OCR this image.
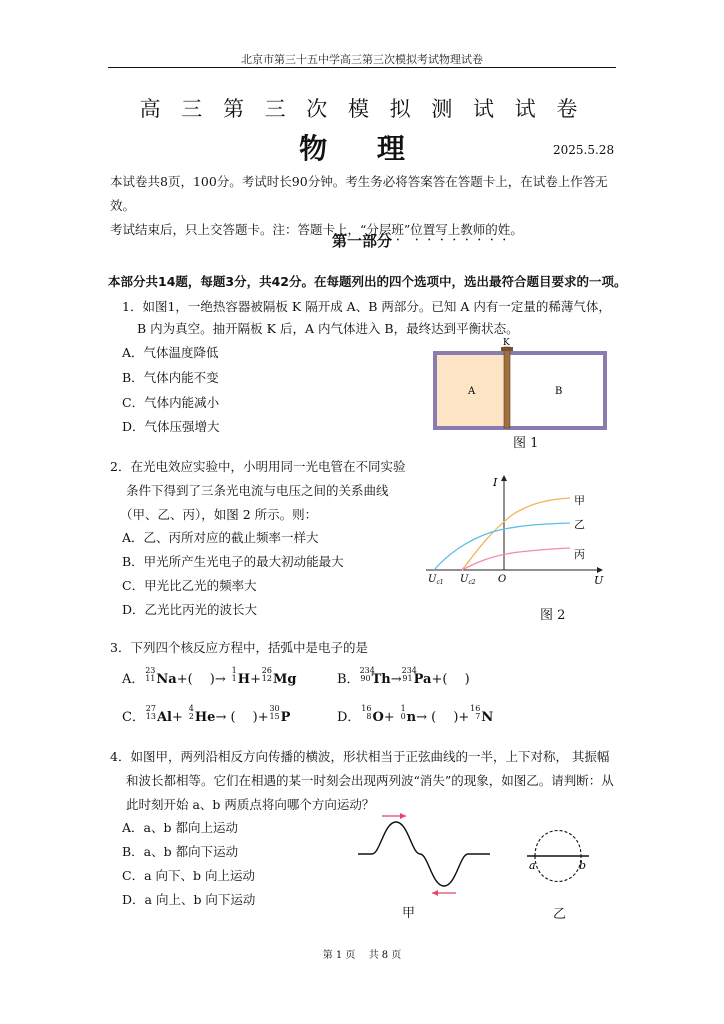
北京市第三十五中学高三第三次模拟考试物理试卷
高 三 第 三 次 模 拟 测 试 试 卷
物 理	2025.5.28
本试卷共8页，100分。考试时长90分钟。考生务必将答案答在答题卡上，在试卷上作答无效。
考试结束后，只上交答题卡。注：答题卡上，“分层班”位置写上教师的姓。
第一部分
本部分共14题，每题3分，共42分。在每题列出的四个选项中，选出最符合题目要求的一项。
1．如图1，一绝热容器被隔板 K 隔开成 A、B 两部分。已知 A 内有一定量的稀薄气体，
B 内为真空。抽开隔板 K 后，A 内气体进入 B，最终达到平衡状态。
A．气体温度降低
B．气体内能不变
C．气体内能减小
D．气体压强增大
K
A	B
图 1
2．在光电效应实验中，小明用同一光电管在不同实验
条件下得到了三条光电流与电压之间的关系曲线
（甲、乙、丙），如图 2 所示。则：
A．乙、丙所对应的截止频率一样大
B．甲光所产生光电子的最大初动能最大
C．甲光比乙光的频率大
D．乙光比丙光的波长大
I
U
O
$U_{c1}$ $U_{c2}$
甲
乙
丙
图 2
3．下列四个核反应方程中，括弧中是电子的是
A．
23
11 Na+(　 )→
1
1 H+
26
12 Mg	B．
234
90 Th→
234
91 Pa+(　 )
C．
27
13 Al+
4
2 He→ (　 )+
30
15 P	D．
16
8 O+
1
0 n→ (　 )+
16
7 N
4．如图甲，两列沿相反方向传播的横波，形状相当于正弦曲线的一半，上下对称， 其振幅
和波长都相等。它们在相遇的某一时刻会出现两列波“消失”的现象，如图乙。请判断：从
此时刻开始 a、b 两质点将向哪个方向运动？
A．a、b 都向上运动
B．a、b 都向下运动
C．a 向下、b 向上运动
D．a 向上、b 向下运动
甲
a	b
乙
第 1 页　 共 8 页
